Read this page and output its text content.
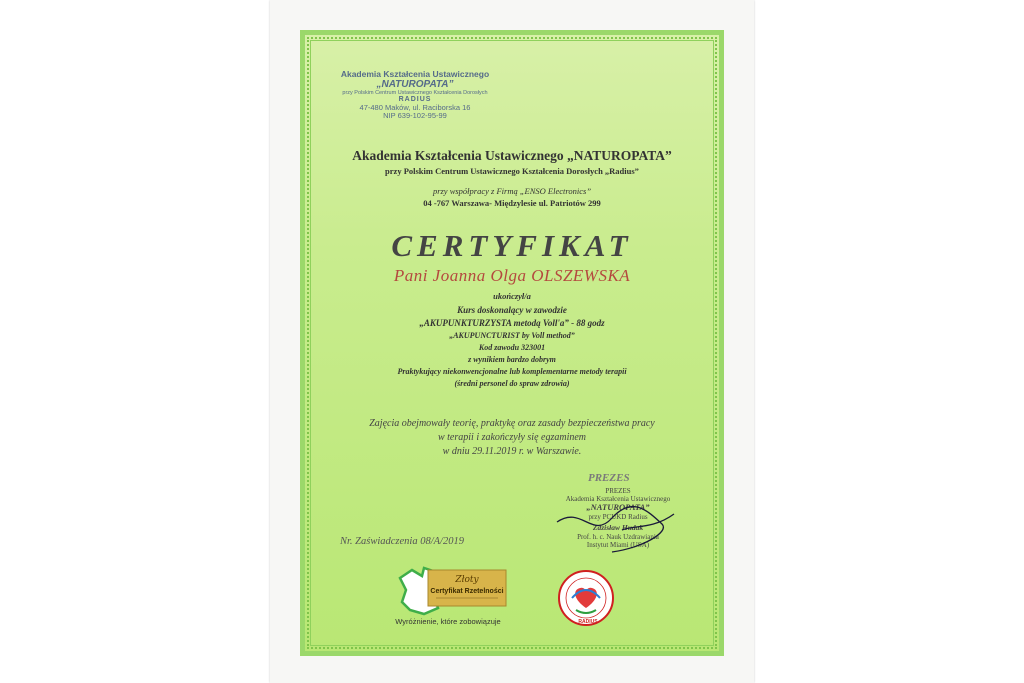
Akademia Kształcenia Ustawicznego
„NATUROPATA”
przy Polskim Centrum Ustawicznego Kształcenia Dorosłych
RADIUS
47-480 Maków, ul. Raciborska 16
NIP 639-102-95-99
Akademia Kształcenia Ustawicznego „NATUROPATA”
przy Polskim Centrum Ustawicznego Kształcenia Dorosłych „Radius”
przy współpracy z Firmą „ENSO Electronics”
04 -767 Warszawa- Międzylesie ul. Patriotów 299
CERTYFIKAT
Pani Joanna Olga OLSZEWSKA
ukończył/a
Kurs doskonalący w zawodzie
„AKUPUNKTURZYSTA metodą Voll'a” - 88 godz
„AKUPUNCTURIST by Voll method”
Kod zawodu 323001
z wynikiem bardzo dobrym
Praktykujący niekonwencjonalne lub komplementarne metody terapii
(średni personel do spraw zdrowia)
Zajęcia obejmowały teorię, praktykę oraz zasady bezpieczeństwa pracy
w terapii i zakończyły się egzaminem
w dniu 29.11.2019 r. w Warszawie.
PREZES
PREZES
Akademia Kształcenia Ustawicznego
„NATUROPATA”
przy PCUKD Radius
Zdzisław Hudak
Prof. h. c. Nauk Uzdrawiania
Instytut Miami (USA)
Nr. Zaświadczenia 08/A/2019
Złoty
Certyfikat Rzetelności
Wyróżnienie, które zobowiązuje	RADIUS
